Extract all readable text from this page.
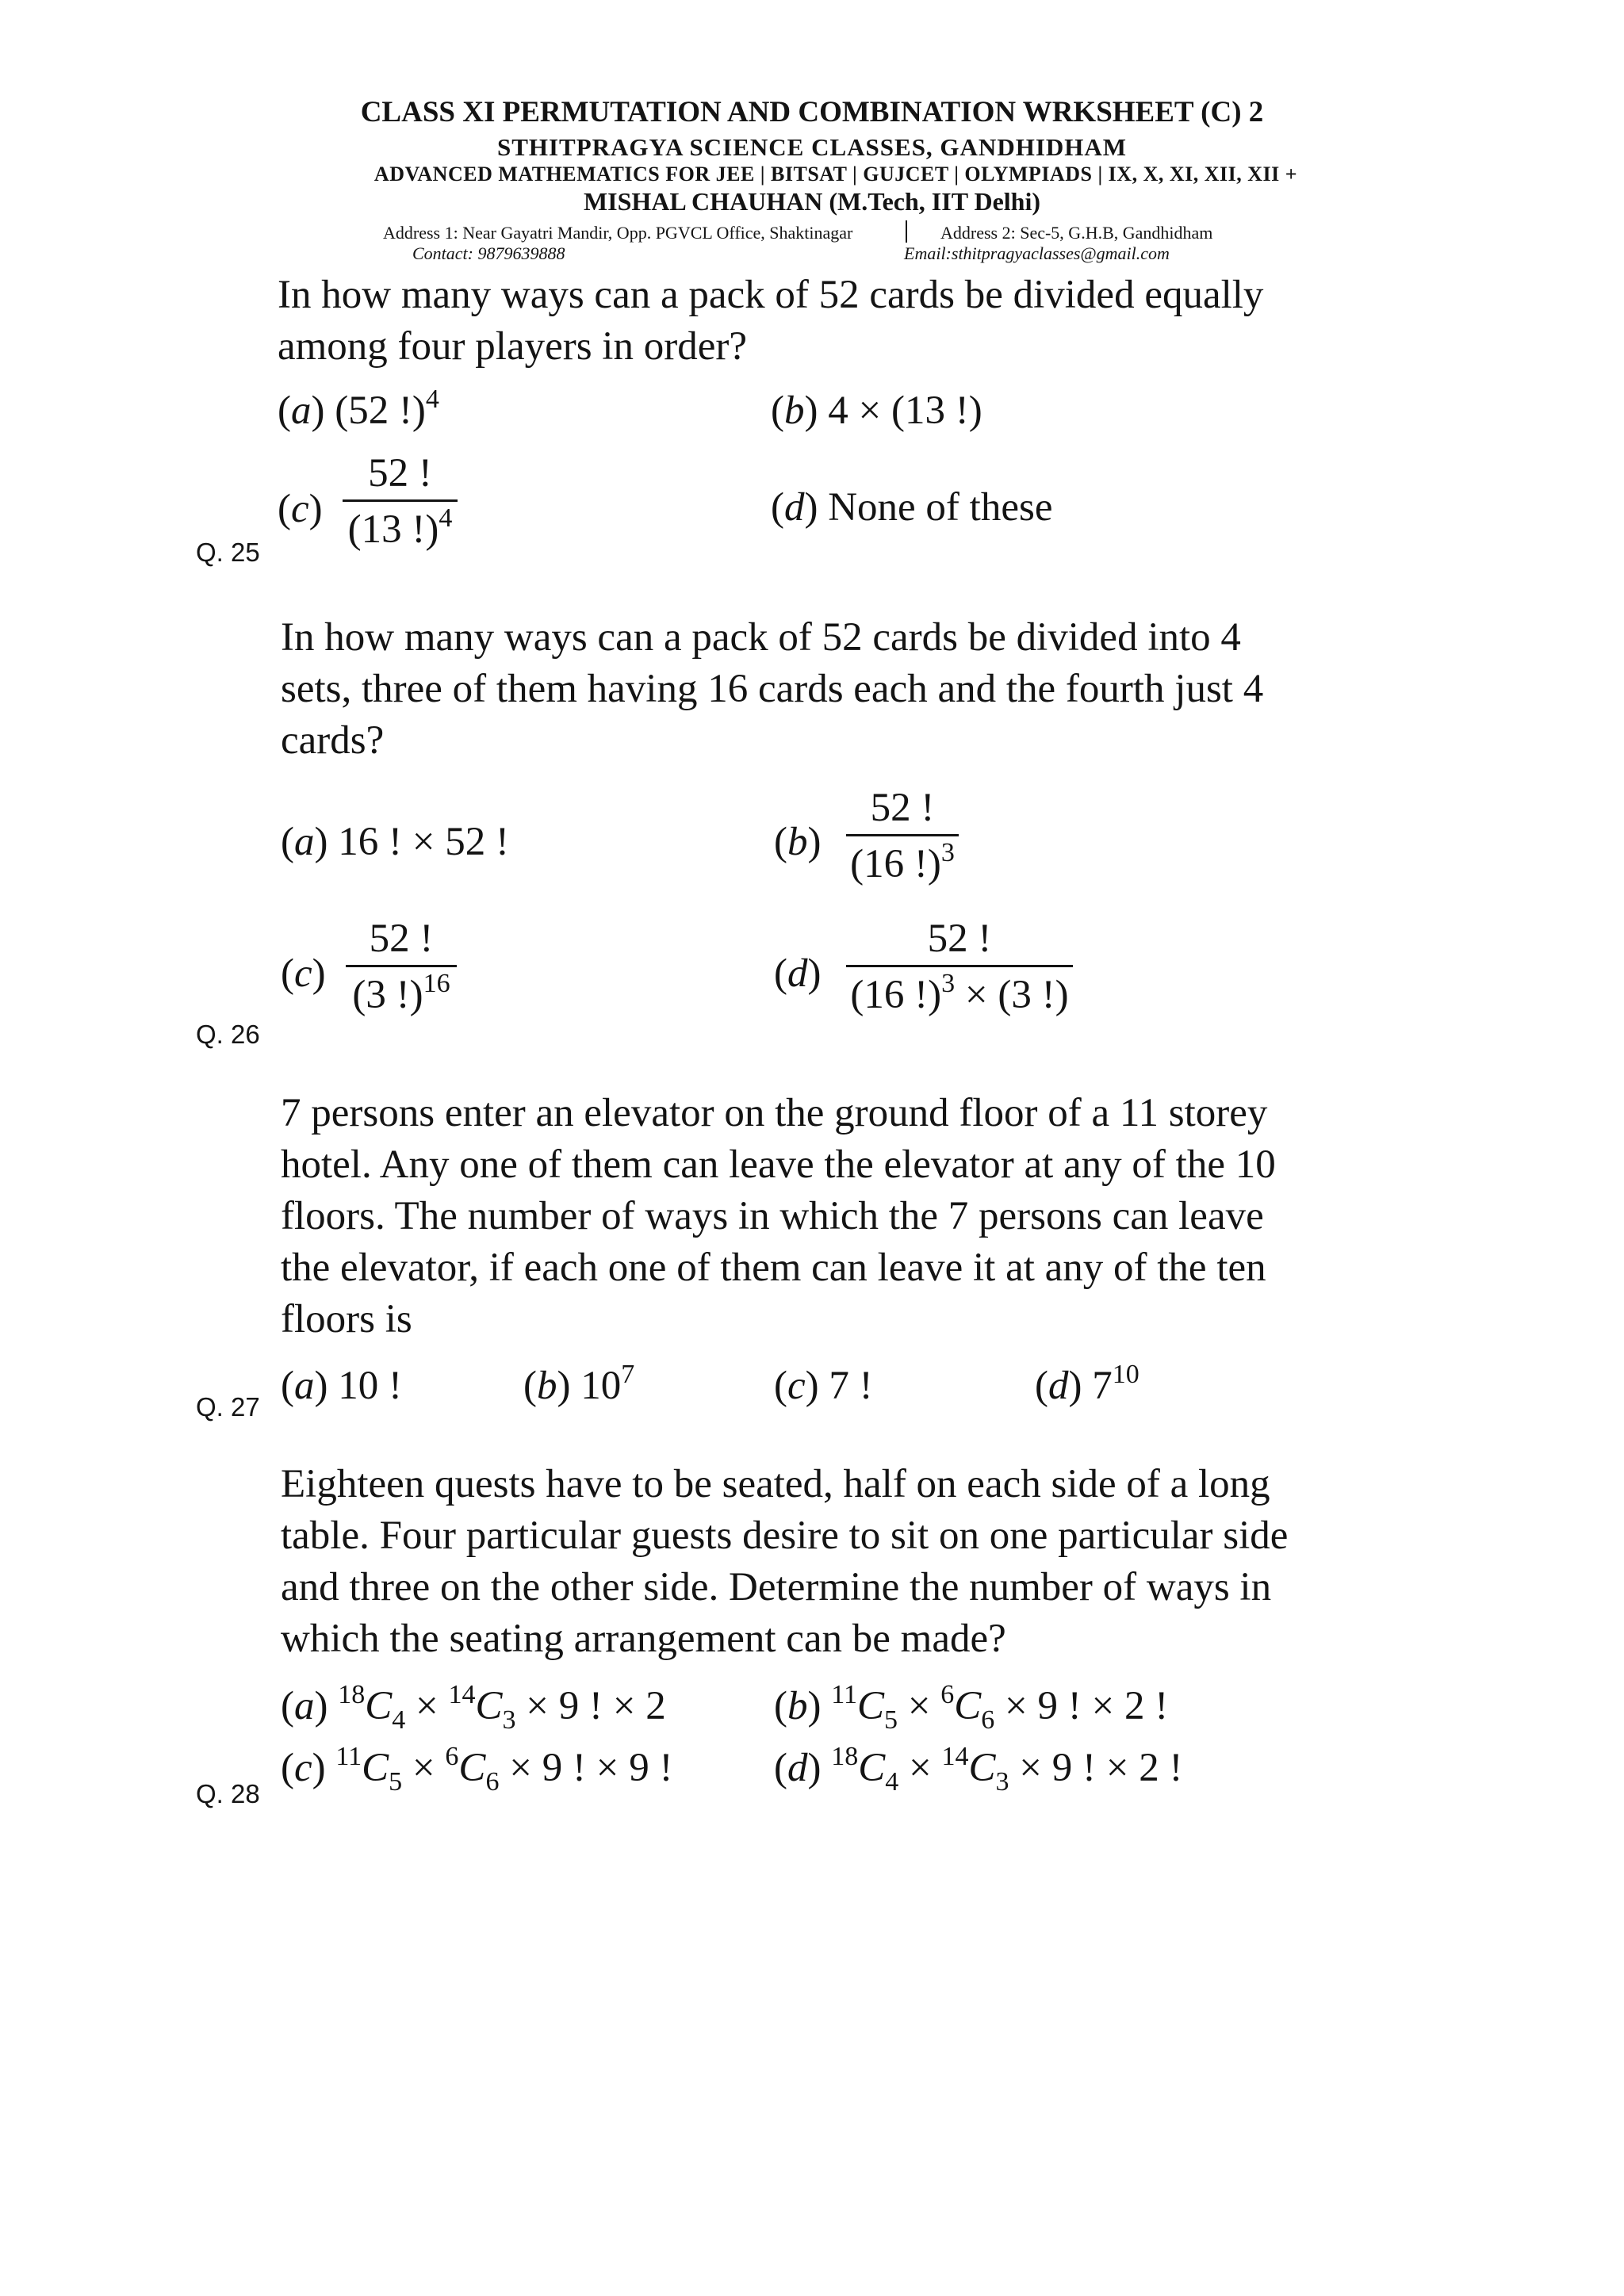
CLASS XI PERMUTATION AND COMBINATION WRKSHEET (C) 2
STHITPRAGYA SCIENCE CLASSES, GANDHIDHAM
ADVANCED MATHEMATICS FOR JEE | BITSAT | GUJCET | OLYMPIADS | IX, X, XI, XII, XII +
MISHAL CHAUHAN (M.Tech, IIT Delhi)
Address 1: Near Gayatri Mandir, Opp. PGVCL Office, Shaktinagar	Address 2: Sec-5, G.H.B, Gandhidham
Contact: 9879639888	Email:sthitpragyaclasses@gmail.com
In how many ways can a pack of 52 cards be divided equally among four players in order?
(a) (52 !)$^4$	(b) 4 × (13 !)
(c)
52 !
(13 !)$^4$	(d) None of these
Q. 25
In how many ways can a pack of 52 cards be divided into 4 sets, three of them having 16 cards each and the fourth just 4 cards?
(a) 16 ! × 52 !	(b)
52 !
(16 !)$^3$
(c)
52 !
(3 !)$^{16}$	(d)
52 !
(16 !)$^3$ × (3 !)
Q. 26
7 persons enter an elevator on the ground floor of a 11 storey hotel. Any one of them can leave the elevator at any of the 10 floors. The number of ways in which the 7 persons can leave the elevator, if each one of them can leave it at any of the ten floors is
(a) 10 !	(b) $10^7$	(c) 7 !	(d) $7^{10}$
Q. 27
Eighteen quests have to be seated, half on each side of a long table. Four particular guests desire to sit on one particular side and three on the other side. Determine the number of ways in which the seating arrangement can be made?
(a) $^{18}C_4 \times ^{14}C_3 \times 9$ ! × 2	(b) $^{11}C_5 \times ^6C_6 \times 9$ ! × 2 !
(c) $^{11}C_5 \times ^6C_6 \times 9$ ! × 9 !	(d) $^{18}C_4 \times ^{14}C_3 \times 9$ ! × 2 !
Q. 28
